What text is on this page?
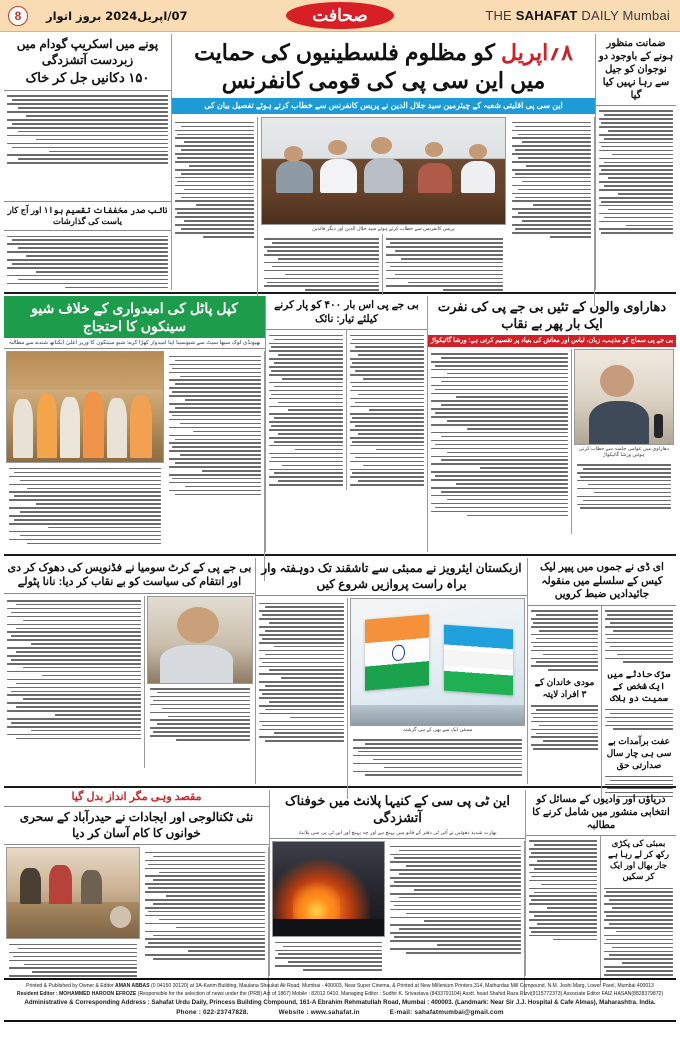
8	07/اپریل2024 بروز اتوار	صحافت	THE SAHAFAT DAILY Mumbai
پونے میں اسکریپ گودام میں زبردست آتشزدگی
۱۵۰ دکانیں جل کر خاک
نائب صدر مخففات تقسیم ہوا۱ اور آج کار یاست کی گذارشات
۸؍اپریل کو مظلوم فلسطینیوں کی حمایت میں این سی پی کی قومی کانفرنس
این سی پی اقلیتی شعبہ کے چیئرمین سید جلال الدین نے پریس کانفرنس سے خطاب کرتے ہوئے تفصیل بیان کی
پریس کانفرنس سے خطاب کرتے ہوئے سید جلال الدین اور دیگر قائدین
ضمانت منظور ہونے کے باوجود دو نوجوان کو جیل سے رہا نہیں کیا گیا
کپل پاٹل کی امیدواری کے خلاف شیو سینکوں کا احتجاج
بھیونڈی لوک سبھا سیٹ سے شیوسینا اپنا امیدوار کھڑا کرے: شیو سینکوں کا وزیر اعلیٰ ایکناتھ شندے سے مطالبہ
بی جے پی اس بار ۴۰۰ کو پار کرنے کیلئے تیار: نائک
دھاراوی والوں کے تئیں بی جے پی کی نفرت ایک بار پھر بے نقاب
بی جے پی سماج کو مذہب، زبان، لباس اور معاش کی بنیاد پر تقسیم کرتی ہے: ورشا گائیکواڑ
دھاراوی میں عوامی جلسہ سے خطاب کرتی ہوئیں ورشا گائیکواڑ
بی جے پی کے کرٹ سومیا نے فڈنویس کی دھوک کر دی اور انتقام کی سیاست کو بے نقاب کر دیا: نانا پٹولے
ازبکستان ایئرویز نے ممبئی سے تاشقند تک دوہفتہ وار براہ راست پروازیں شروع کیں
ممبئی ایک سے بھی کے ہی گزشتہ
ای ڈی نے جموں میں پیپر لیک کیس کے سلسلے میں منقولہ جائیدادیں ضبط کرویں
مودی خاندان کے ۳ افراد لاپتہ
سڑک حادثے میں ایک شخص کے سمیت دو ہلاک
عفت برآمدات بے سی ہی چار سال صدارتی حق
مقصد وہی مگر انداز بدل گیا
نئی ٹکنالوجی اور ایجادات نے حیدرآباد کے سحری خوانوں کا کام آسان کر دیا
این ٹی پی سی کے کنیہا پلانٹ میں خوفناک آتشزدگی
بھارت شدید دھوئیں نے آئی ٹی دفتر کے قابو میں پہنچ ہے اور چہ پہنچ اور این ٹی پی سی پلانٹ
دریاؤں اور وادیوں کے مسائل کو انتخابی منشور میں شامل کرنے کا مطالبہ
بمبئی کی پکڑی رکھ کر لے رہا ہے جار بھال اور ایک کر سکیں
Printed & Published by Owner & Editor AMAN ABBAS (0 94150 20120) at 3A-Karim Building, Maulana Shaukat Ali Road, Mumbai - 400003, Near Super Cinema, & Printed at New Millenium Printers,314, Mathurdas Mill Compound, N.M. Joshi Marg, Lower Parel, Mumbai 400013
Resident Editor : MOHAMMED HAROON EFROZE (Responsible for the selection of news under the (PRB) Act of 1867) Mobile : 82012 0410, Managing Editor : Sudhir K. Srivastava (8433791104) Asstt. head Shahid Raza Rizvi(9115772373) Associate Editor FAIZ HASAN(8828379872)
Administrative & Corresponding Address : Sahafat Urdu Daily, Princess Building Compound, 161-A Ebrahim Rehmatullah Road, Mumbai : 400003. (Landmark: Near Sir J.J. Hospital & Cafe Almas), Maharashtra. India.
Phone : 022-23747828.	Website : www.sahafat.in	E-mail: sahafatmumbai@gmail.com
